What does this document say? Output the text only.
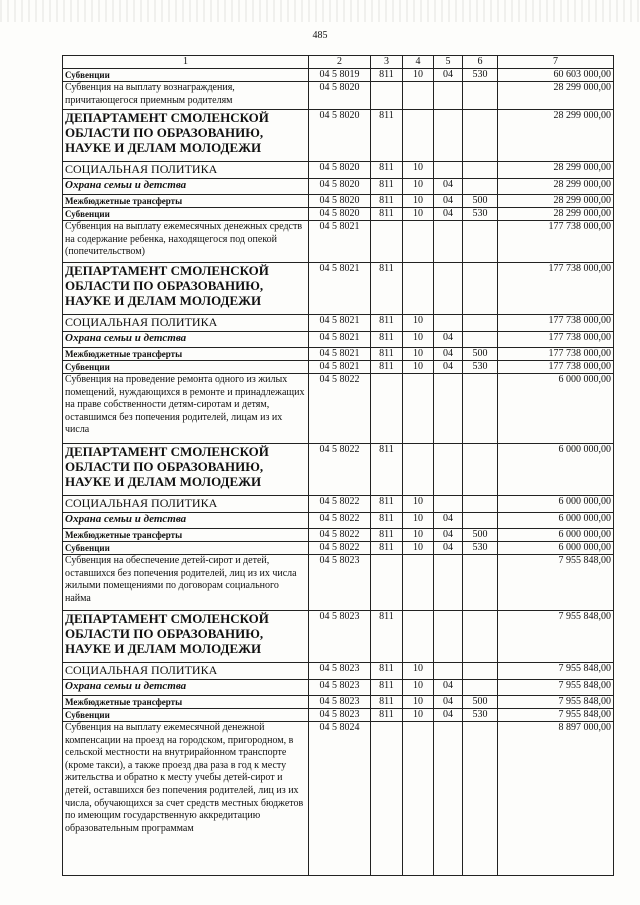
485
1	2	3	4	5	6	7
Субвенции	04 5 8019	811	10	04	530	60 603 000,00
Субвенция на выплату вознаграждения, причитающегося приемным родителям	04 5 8020					28 299 000,00
ДЕПАРТАМЕНТ СМОЛЕНСКОЙ ОБЛАСТИ ПО ОБРАЗОВАНИЮ, НАУКЕ И ДЕЛАМ МОЛОДЕЖИ	04 5 8020	811				28 299 000,00
СОЦИАЛЬНАЯ ПОЛИТИКА	04 5 8020	811	10			28 299 000,00
Охрана семьи и детства	04 5 8020	811	10	04		28 299 000,00
Межбюджетные трансферты	04 5 8020	811	10	04	500	28 299 000,00
Субвенции	04 5 8020	811	10	04	530	28 299 000,00
Субвенция на выплату ежемесячных денежных средств на содержание ребенка, находящегося под опекой (попечительством)	04 5 8021					177 738 000,00
ДЕПАРТАМЕНТ СМОЛЕНСКОЙ ОБЛАСТИ ПО ОБРАЗОВАНИЮ, НАУКЕ И ДЕЛАМ МОЛОДЕЖИ	04 5 8021	811				177 738 000,00
СОЦИАЛЬНАЯ ПОЛИТИКА	04 5 8021	811	10			177 738 000,00
Охрана семьи и детства	04 5 8021	811	10	04		177 738 000,00
Межбюджетные трансферты	04 5 8021	811	10	04	500	177 738 000,00
Субвенции	04 5 8021	811	10	04	530	177 738 000,00
Субвенция на проведение ремонта одного из жилых помещений, нуждающихся в ремонте и принадлежащих на праве собственности детям-сиротам и детям, оставшимся без попечения родителей, лицам из их числа	04 5 8022					6 000 000,00
ДЕПАРТАМЕНТ СМОЛЕНСКОЙ ОБЛАСТИ ПО ОБРАЗОВАНИЮ, НАУКЕ И ДЕЛАМ МОЛОДЕЖИ	04 5 8022	811				6 000 000,00
СОЦИАЛЬНАЯ ПОЛИТИКА	04 5 8022	811	10			6 000 000,00
Охрана семьи и детства	04 5 8022	811	10	04		6 000 000,00
Межбюджетные трансферты	04 5 8022	811	10	04	500	6 000 000,00
Субвенции	04 5 8022	811	10	04	530	6 000 000,00
Субвенция на обеспечение детей-сирот и детей, оставшихся без попечения родителей, лиц из их числа жилыми помещениями по договорам социального найма	04 5 8023					7 955 848,00
ДЕПАРТАМЕНТ СМОЛЕНСКОЙ ОБЛАСТИ ПО ОБРАЗОВАНИЮ, НАУКЕ И ДЕЛАМ МОЛОДЕЖИ	04 5 8023	811				7 955 848,00
СОЦИАЛЬНАЯ ПОЛИТИКА	04 5 8023	811	10			7 955 848,00
Охрана семьи и детства	04 5 8023	811	10	04		7 955 848,00
Межбюджетные трансферты	04 5 8023	811	10	04	500	7 955 848,00
Субвенции	04 5 8023	811	10	04	530	7 955 848,00
Субвенция на выплату ежемесячной денежной компенсации на проезд на городском, пригородном, в сельской местности на внутрирайонном транспорте (кроме такси), а также проезд два раза в год к месту жительства и обратно к месту учебы детей-сирот и детей, оставшихся без попечения родителей, лиц из их числа, обучающихся за счет средств местных бюджетов по имеющим государственную аккредитацию образовательным программам	04 5 8024					8 897 000,00
